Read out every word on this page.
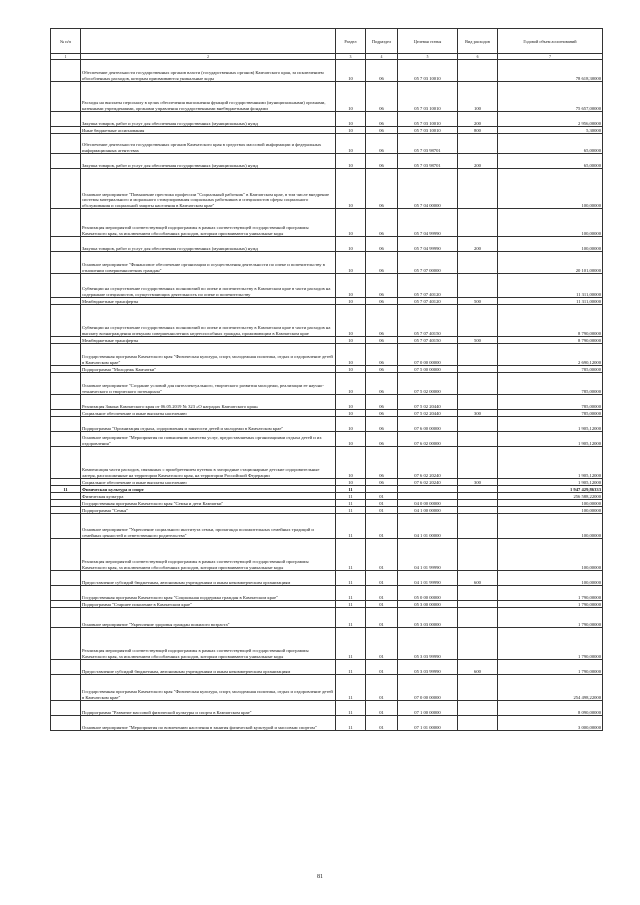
№ п/п		Раздел	Подраздел	Целевая статья	Вид расходов	Годовой объем ассигнований
1	2	3	4	5	6	7
	Обеспечение деятельности государственных органов власти (государственных органов) Камчатского края, за исключением обособленных расходов, которым присваиваются уникальные коды	10	06	05 7 03 10010		78 618,30000
	Расходы на выплаты персоналу в целях обеспечения выполнения функций государственными (муниципальными) органами, казенными учреждениями, органами управления государственными внебюджетными фондами	10	06	05 7 03 10010	100	75 657,00000
	Закупка товаров, работ и услуг для обеспечения государственных (муниципальных) нужд	10	06	05 7 03 10010	200	2 956,00000
	Иные бюджетные ассигнования	10	06	05 7 03 10010	800	5,30000
	Обеспечение деятельности государственных органов Камчатского края в средствах массовой информации и федеральных информационных агентствах	10	06	05 7 03 98701		65,00000
	Закупка товаров, работ и услуг для обеспечения государственных (муниципальных) нужд	10	06	05 7 03 98701	200	65,00000
	Основное мероприятие "Повышение престижа профессии "Социальный работник" в Камчатском крае, в том числе внедрение системы материального и морального стимулирования социальных работников и специалистов сферы социального обслуживания и социальной защиты населения в Камчатском крае"	10	06	05 7 04 00000		100,00000
	Реализация мероприятий соответствующей подпрограммы в рамках соответствующей государственной программы Камчатского края, за исключением обособленных расходов, которым присваиваются уникальные коды	10	06	05 7 04 99990		100,00000
	Закупка товаров, работ и услуг для обеспечения государственных (муниципальных) нужд	10	06	05 7 04 99990	200	100,00000
	Основное мероприятие "Финансовое обеспечение организации и осуществления деятельности по опеке и попечительству в отношении совершеннолетних граждан"	10	06	05 7 07 00000		20 101,00000
	Субвенции на осуществление государственных полномочий по опеке и попечительству в Камчатском крае в части расходов на содержание специалистов, осуществляющих деятельность по опеке и попечительству	10	06	05 7 07 40120		11 311,00000
	Межбюджетные трансферты	10	06	05 7 07 40120	500	11 311,00000
	Субвенции на осуществление государственных полномочий по опеке и попечительству в Камчатском крае в части расходов на выплату вознаграждения опекунам совершеннолетних недееспособных граждан, проживающим в Камчатском крае	10	06	05 7 07 40150		8 790,00000
	Межбюджетные трансферты	10	06	05 7 07 40150	500	8 790,00000
	Государственная программа Камчатского края "Физическая культура, спорт, молодежная политика, отдых и оздоровление детей в Камчатском крае"	10	06	07 0 00 00000		2 690,12000
	Подпрограмма "Молодежь Камчатки"	10	06	07 5 00 00000		785,00000
	Основное мероприятие "Создание условий для интеллектуального, творческого развития молодежи, реализации ее научно-технического и творческого потенциала"	10	06	07 5 02 00000		785,00000
	Реализация Закона Камчатского края от 06.05.2019 № 323 «О наградах Камчатского края»	10	06	07 5 02 20440		785,00000
	Социальное обеспечение и иные выплаты населению	10	06	07 5 02 20440	300	785,00000
	Подпрограмма "Организация отдыха, оздоровления и занятости детей и молодежи в Камчатском крае"	10	06	07 6 00 00000		1 905,12000
	Основное мероприятие "Мероприятия по повышению качества услуг, предоставляемых организациями отдыха детей и их оздоровления"	10	06	07 6 02 00000		1 905,12000
	Компенсация части расходов, связанных с приобретением путевок в загородные стационарные детские оздоровительные лагеря, расположенные на территории Камчатского края, на территории Российской Федерации	10	06	07 6 02 20240		1 905,12000
	Социальное обеспечение и иные выплаты населению	10	06	07 6 02 20240	300	1 905,12000
11	Физическая культура и спорт	11				1 947 429,86333
	Физическая культура	11	01			256 588,22000
	Государственная программа Камчатского края "Семья и дети Камчатки"	11	01	04 0 00 00000		100,00000
	Подпрограмма "Семья"	11	01	04 1 00 00000		100,00000
	Основное мероприятие "Укрепление социального института семьи, пропаганда положительных семейных традиций и семейных ценностей и ответственного родительства"	11	01	04 1 01 00000		100,00000
	Реализация мероприятий соответствующей подпрограммы в рамках соответствующей государственной программы Камчатского края, за исключением обособленных расходов, которым присваиваются уникальные коды	11	01	04 1 01 99990		100,00000
	Предоставление субсидий бюджетным, автономным учреждениям и иным некоммерческим организациям	11	01	04 1 01 99990	600	100,00000
	Государственная программа Камчатского края "Социальная поддержка граждан в Камчатском крае"	11	01	05 0 00 00000		1 790,00000
	Подпрограмма "Старшее поколение в Камчатском крае"	11	01	05 3 00 00000		1 790,00000
	Основное мероприятие "Укрепление здоровья граждан пожилого возраста"	11	01	05 3 03 00000		1 790,00000
	Реализация мероприятий соответствующей подпрограммы в рамках соответствующей государственной программы Камчатского края, за исключением обособленных расходов, которым присваиваются уникальные коды	11	01	05 3 03 99990		1 790,00000
	Предоставление субсидий бюджетным, автономным учреждениям и иным некоммерческим организациям	11	01	05 3 03 99990	600	1 790,00000
	Государственная программа Камчатского края "Физическая культура, спорт, молодежная политика, отдых и оздоровление детей в Камчатском крае"	11	01	07 0 00 00000		254 498,22000
	Подпрограмма "Развитие массовой физической культуры и спорта в Камчатском крае"	11	01	07 1 00 00000		8 090,00000
	Основное мероприятие "Мероприятия по вовлечению населения в занятия физической культурой и массовым спортом"	11	01	07 1 01 00000		3 000,00000
81
